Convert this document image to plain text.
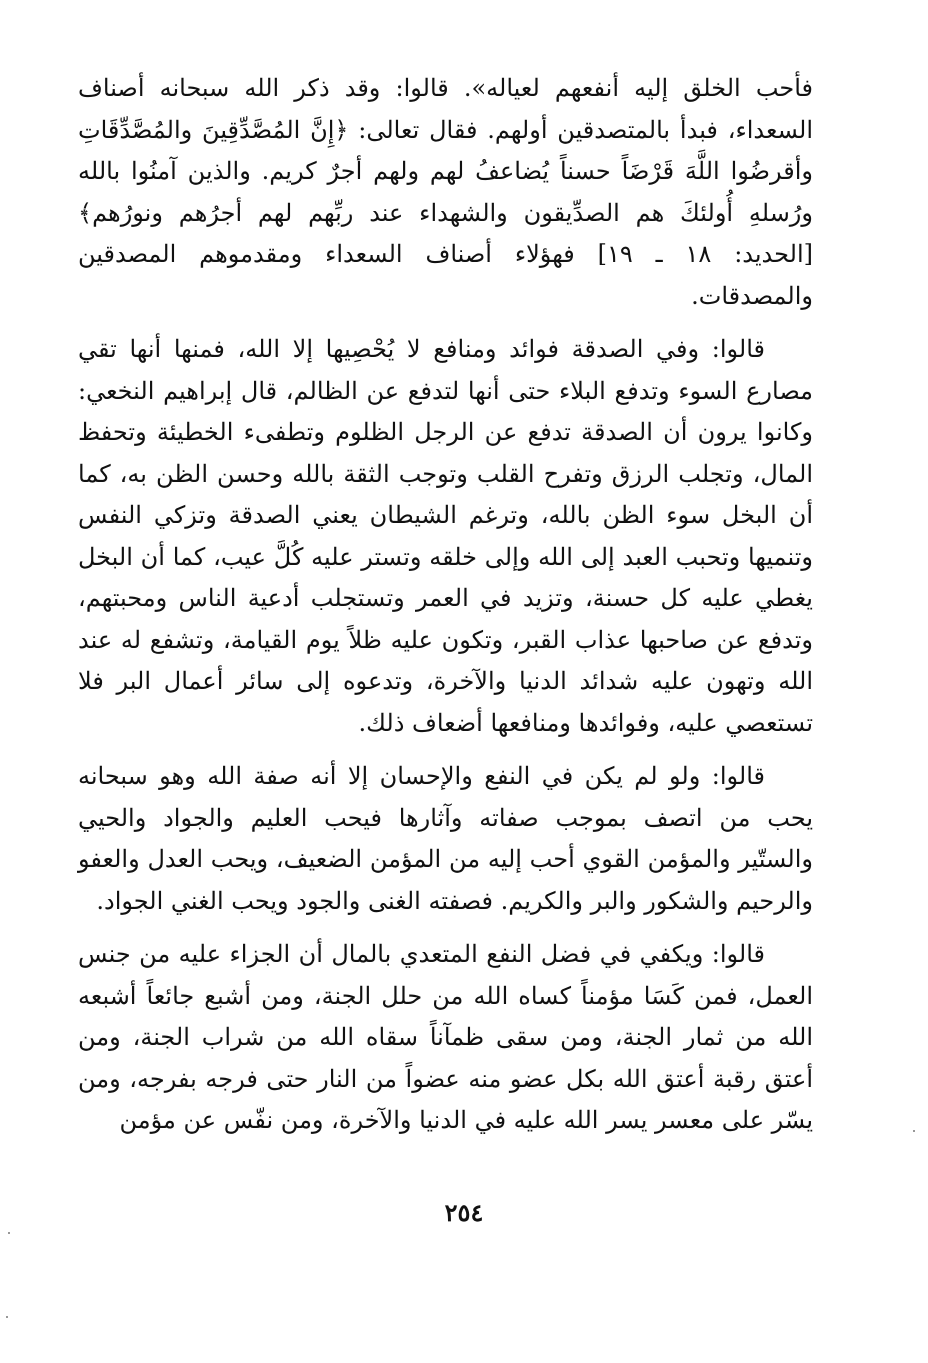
فأحب الخلق إليه أنفعهم لعياله». قالوا: وقد ذكر الله سبحانه أصناف السعداء، فبدأ بالمتصدقين أولهم. فقال تعالى: ﴿إِنَّ المُصَّدِّقِينَ والمُصَّدِّقَاتِ وأقرضُوا اللَّهَ قَرْضَاً حسناً يُضاعفُ لهم ولهم أجرٌ كريم. والذين آمنُوا بالله ورُسلهِ أُولئكَ هم الصدِّيقون والشهداء عند ربِّهم لهم أجرُهم ونورُهم﴾ [الحديد: ١٨ ـ ١٩] فهؤلاء أصناف السعداء ومقدموهم المصدقين والمصدقات.

قالوا: وفي الصدقة فوائد ومنافع لا يُحْصِيها إلا الله، فمنها أنها تقي مصارع السوء وتدفع البلاء حتى أنها لتدفع عن الظالم، قال إبراهيم النخعي: وكانوا يرون أن الصدقة تدفع عن الرجل الظلوم وتطفىء الخطيئة وتحفظ المال، وتجلب الرزق وتفرح القلب وتوجب الثقة بالله وحسن الظن به، كما أن البخل سوء الظن بالله، وترغم الشيطان يعني الصدقة وتزكي النفس وتنميها وتحبب العبد إلى الله وإلى خلقه وتستر عليه كُلَّ عيب، كما أن البخل يغطي عليه كل حسنة، وتزيد في العمر وتستجلب أدعية الناس ومحبتهم، وتدفع عن صاحبها عذاب القبر، وتكون عليه ظلاً يوم القيامة، وتشفع له عند الله وتهون عليه شدائد الدنيا والآخرة، وتدعوه إلى سائر أعمال البر فلا تستعصي عليه، وفوائدها ومنافعها أضعاف ذلك.

قالوا: ولو لم يكن في النفع والإحسان إلا أنه صفة الله وهو سبحانه يحب من اتصف بموجب صفاته وآثارها فيحب العليم والجواد والحيي والستّير والمؤمن القوي أحب إليه من المؤمن الضعيف، ويحب العدل والعفو والرحيم والشكور والبر والكريم. فصفته الغنى والجود ويحب الغني الجواد.

قالوا: ويكفي في فضل النفع المتعدي بالمال أن الجزاء عليه من جنس العمل، فمن كَسَا مؤمناً كساه الله من حلل الجنة، ومن أشبع جائعاً أشبعه الله من ثمار الجنة، ومن سقى ظمآناً سقاه الله من شراب الجنة، ومن أعتق رقبة أعتق الله بكل عضو منه عضواً من النار حتى فرجه بفرجه، ومن يسّر على معسر يسر الله عليه في الدنيا والآخرة، ومن نفّس عن مؤمن

٢٥٤
